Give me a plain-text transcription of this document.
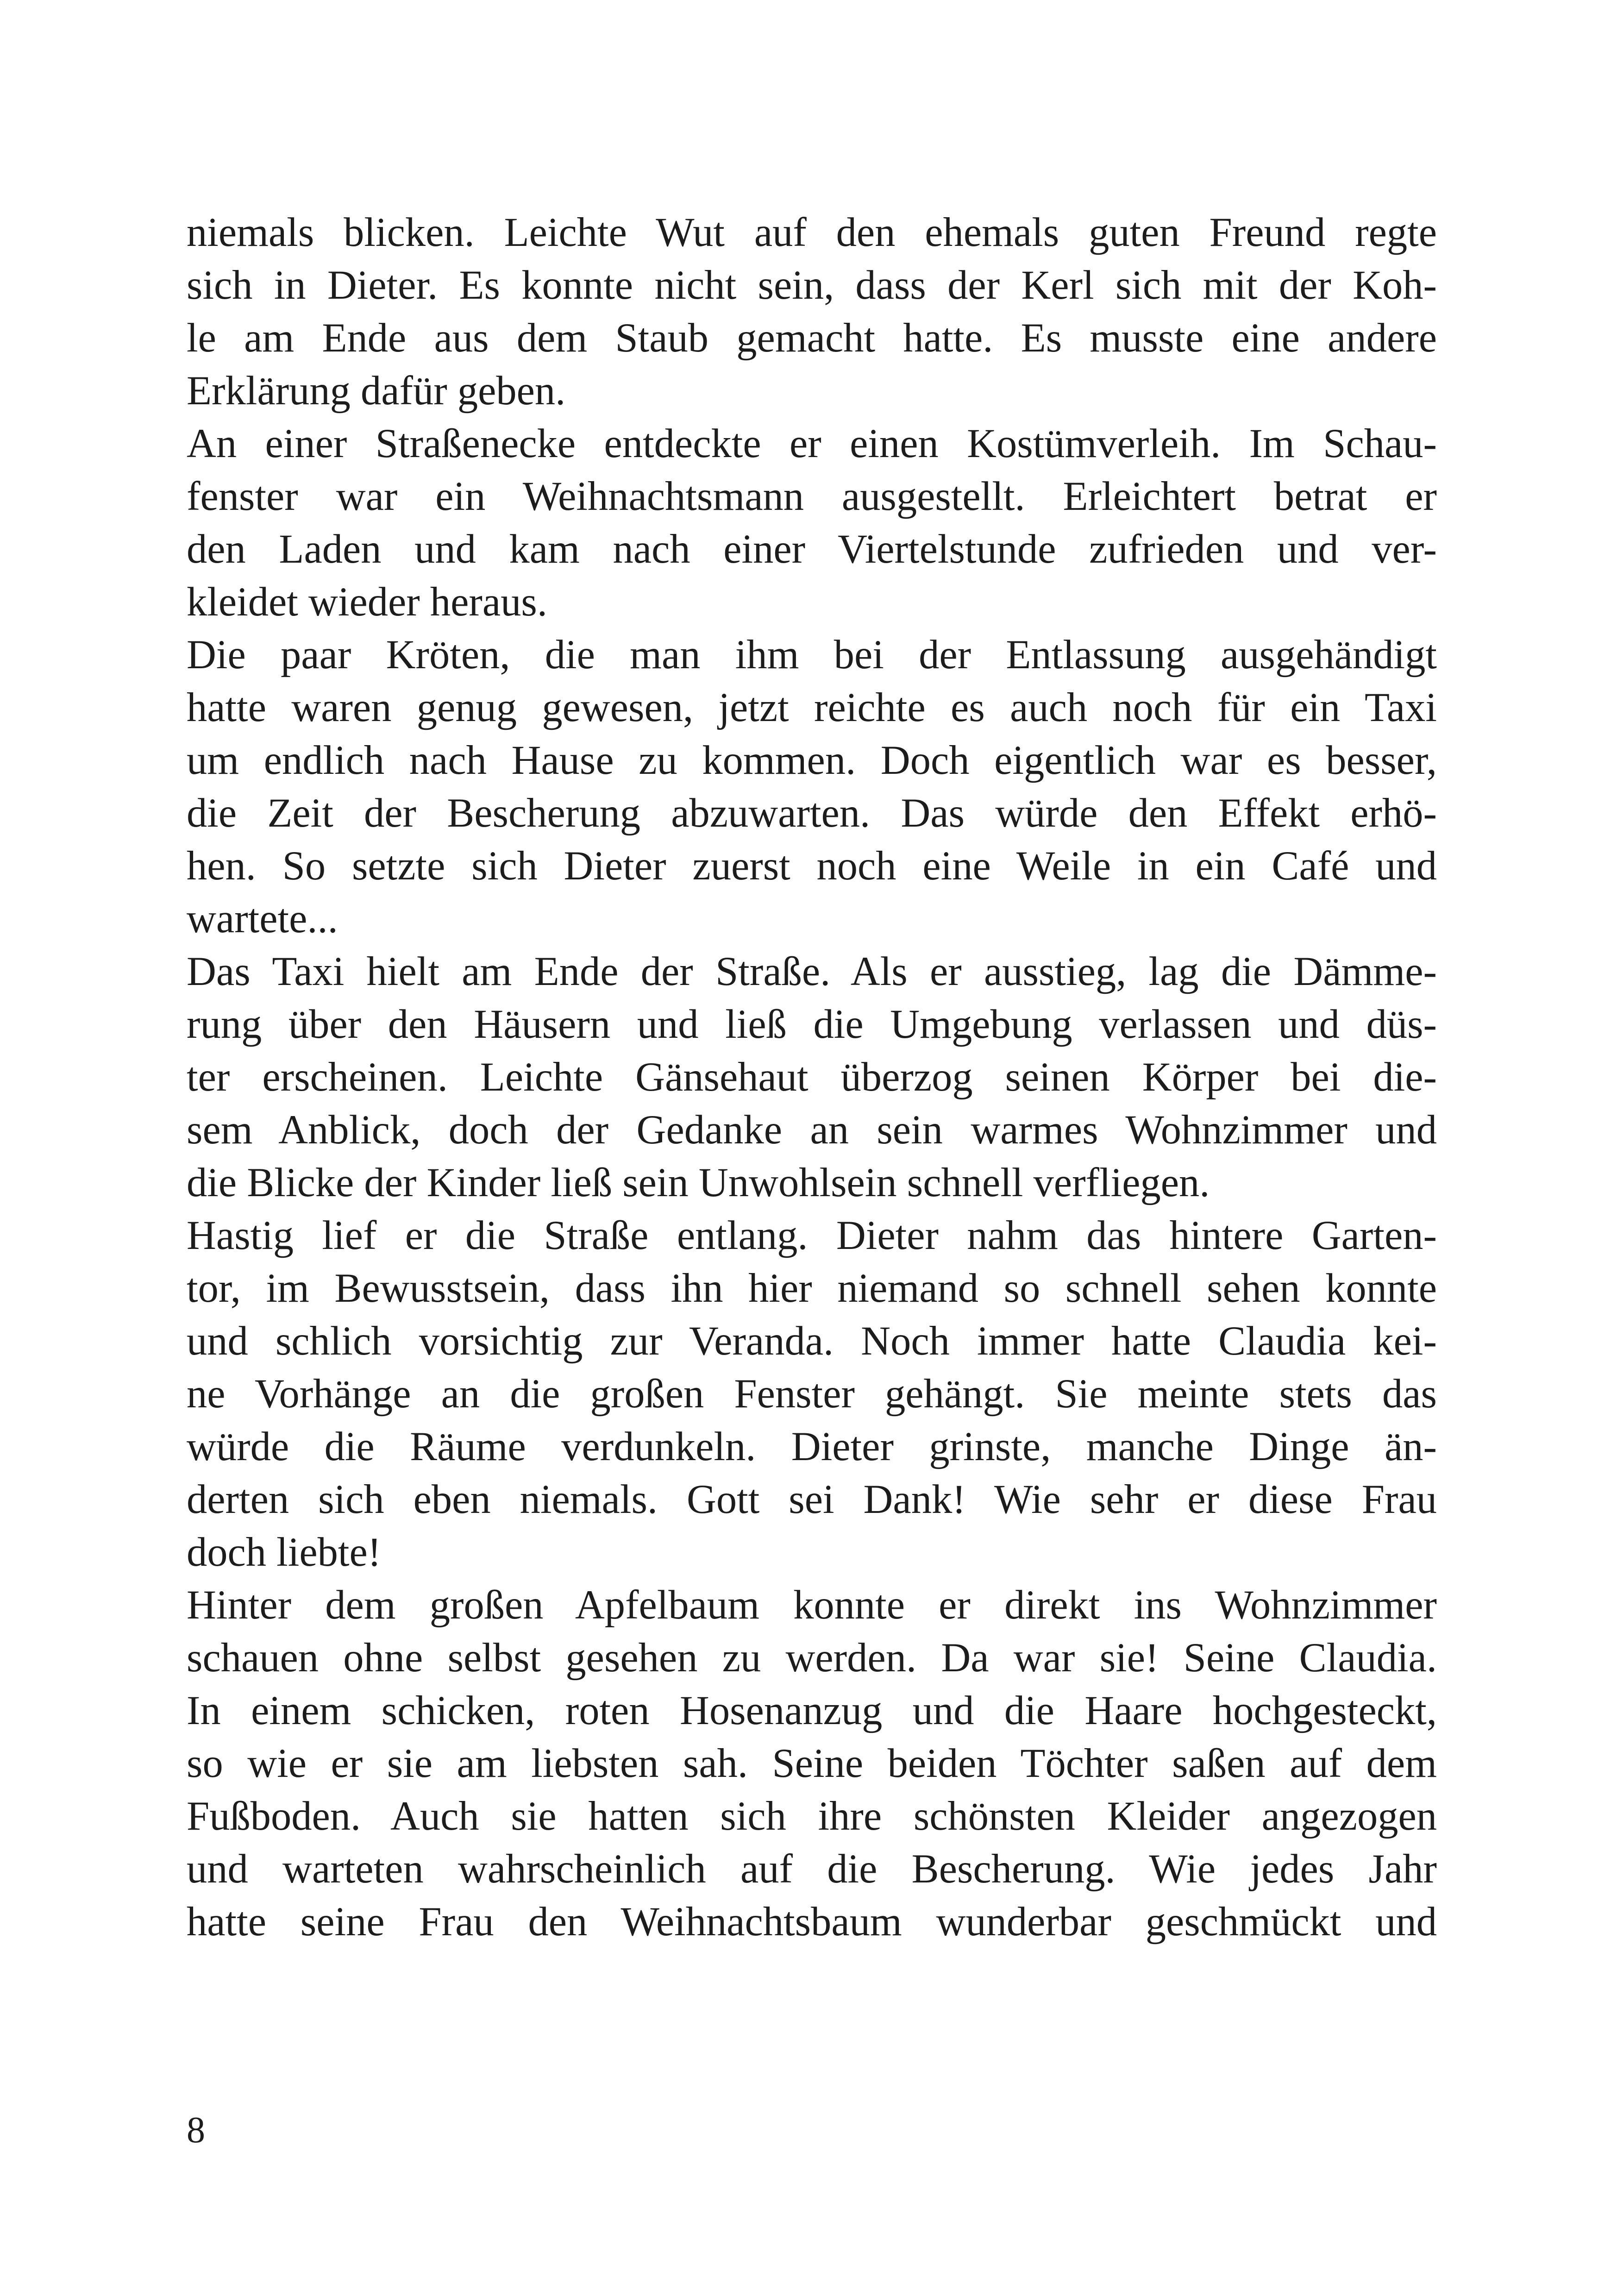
niemals blicken. Leichte Wut auf den ehemals guten Freund regte
sich in Dieter. Es konnte nicht sein, dass der Kerl sich mit der Koh-
le am Ende aus dem Staub gemacht hatte. Es musste eine andere
Erklärung dafür geben.
An einer Straßenecke entdeckte er einen Kostümverleih. Im Schau-
fenster war ein Weihnachtsmann ausgestellt. Erleichtert betrat er
den Laden und kam nach einer Viertelstunde zufrieden und ver-
kleidet wieder heraus.
Die paar Kröten, die man ihm bei der Entlassung ausgehändigt
hatte waren genug gewesen, jetzt reichte es auch noch für ein Taxi
um endlich nach Hause zu kommen. Doch eigentlich war es besser,
die Zeit der Bescherung abzuwarten. Das würde den Effekt erhö-
hen. So setzte sich Dieter zuerst noch eine Weile in ein Café und
wartete...
Das Taxi hielt am Ende der Straße. Als er ausstieg, lag die Dämme-
rung über den Häusern und ließ die Umgebung verlassen und düs-
ter erscheinen. Leichte Gänsehaut überzog seinen Körper bei die-
sem Anblick, doch der Gedanke an sein warmes Wohnzimmer und
die Blicke der Kinder ließ sein Unwohlsein schnell verfliegen.
Hastig lief er die Straße entlang. Dieter nahm das hintere Garten-
tor, im Bewusstsein, dass ihn hier niemand so schnell sehen konnte
und schlich vorsichtig zur Veranda. Noch immer hatte Claudia kei-
ne Vorhänge an die großen Fenster gehängt. Sie meinte stets das
würde die Räume verdunkeln. Dieter grinste, manche Dinge än-
derten sich eben niemals. Gott sei Dank! Wie sehr er diese Frau
doch liebte!
Hinter dem großen Apfelbaum konnte er direkt ins Wohnzimmer
schauen ohne selbst gesehen zu werden. Da war sie! Seine Claudia.
In einem schicken, roten Hosenanzug und die Haare hochgesteckt,
so wie er sie am liebsten sah. Seine beiden Töchter saßen auf dem
Fußboden. Auch sie hatten sich ihre schönsten Kleider angezogen
und warteten wahrscheinlich auf die Bescherung. Wie jedes Jahr
hatte seine Frau den Weihnachtsbaum wunderbar geschmückt und
8
